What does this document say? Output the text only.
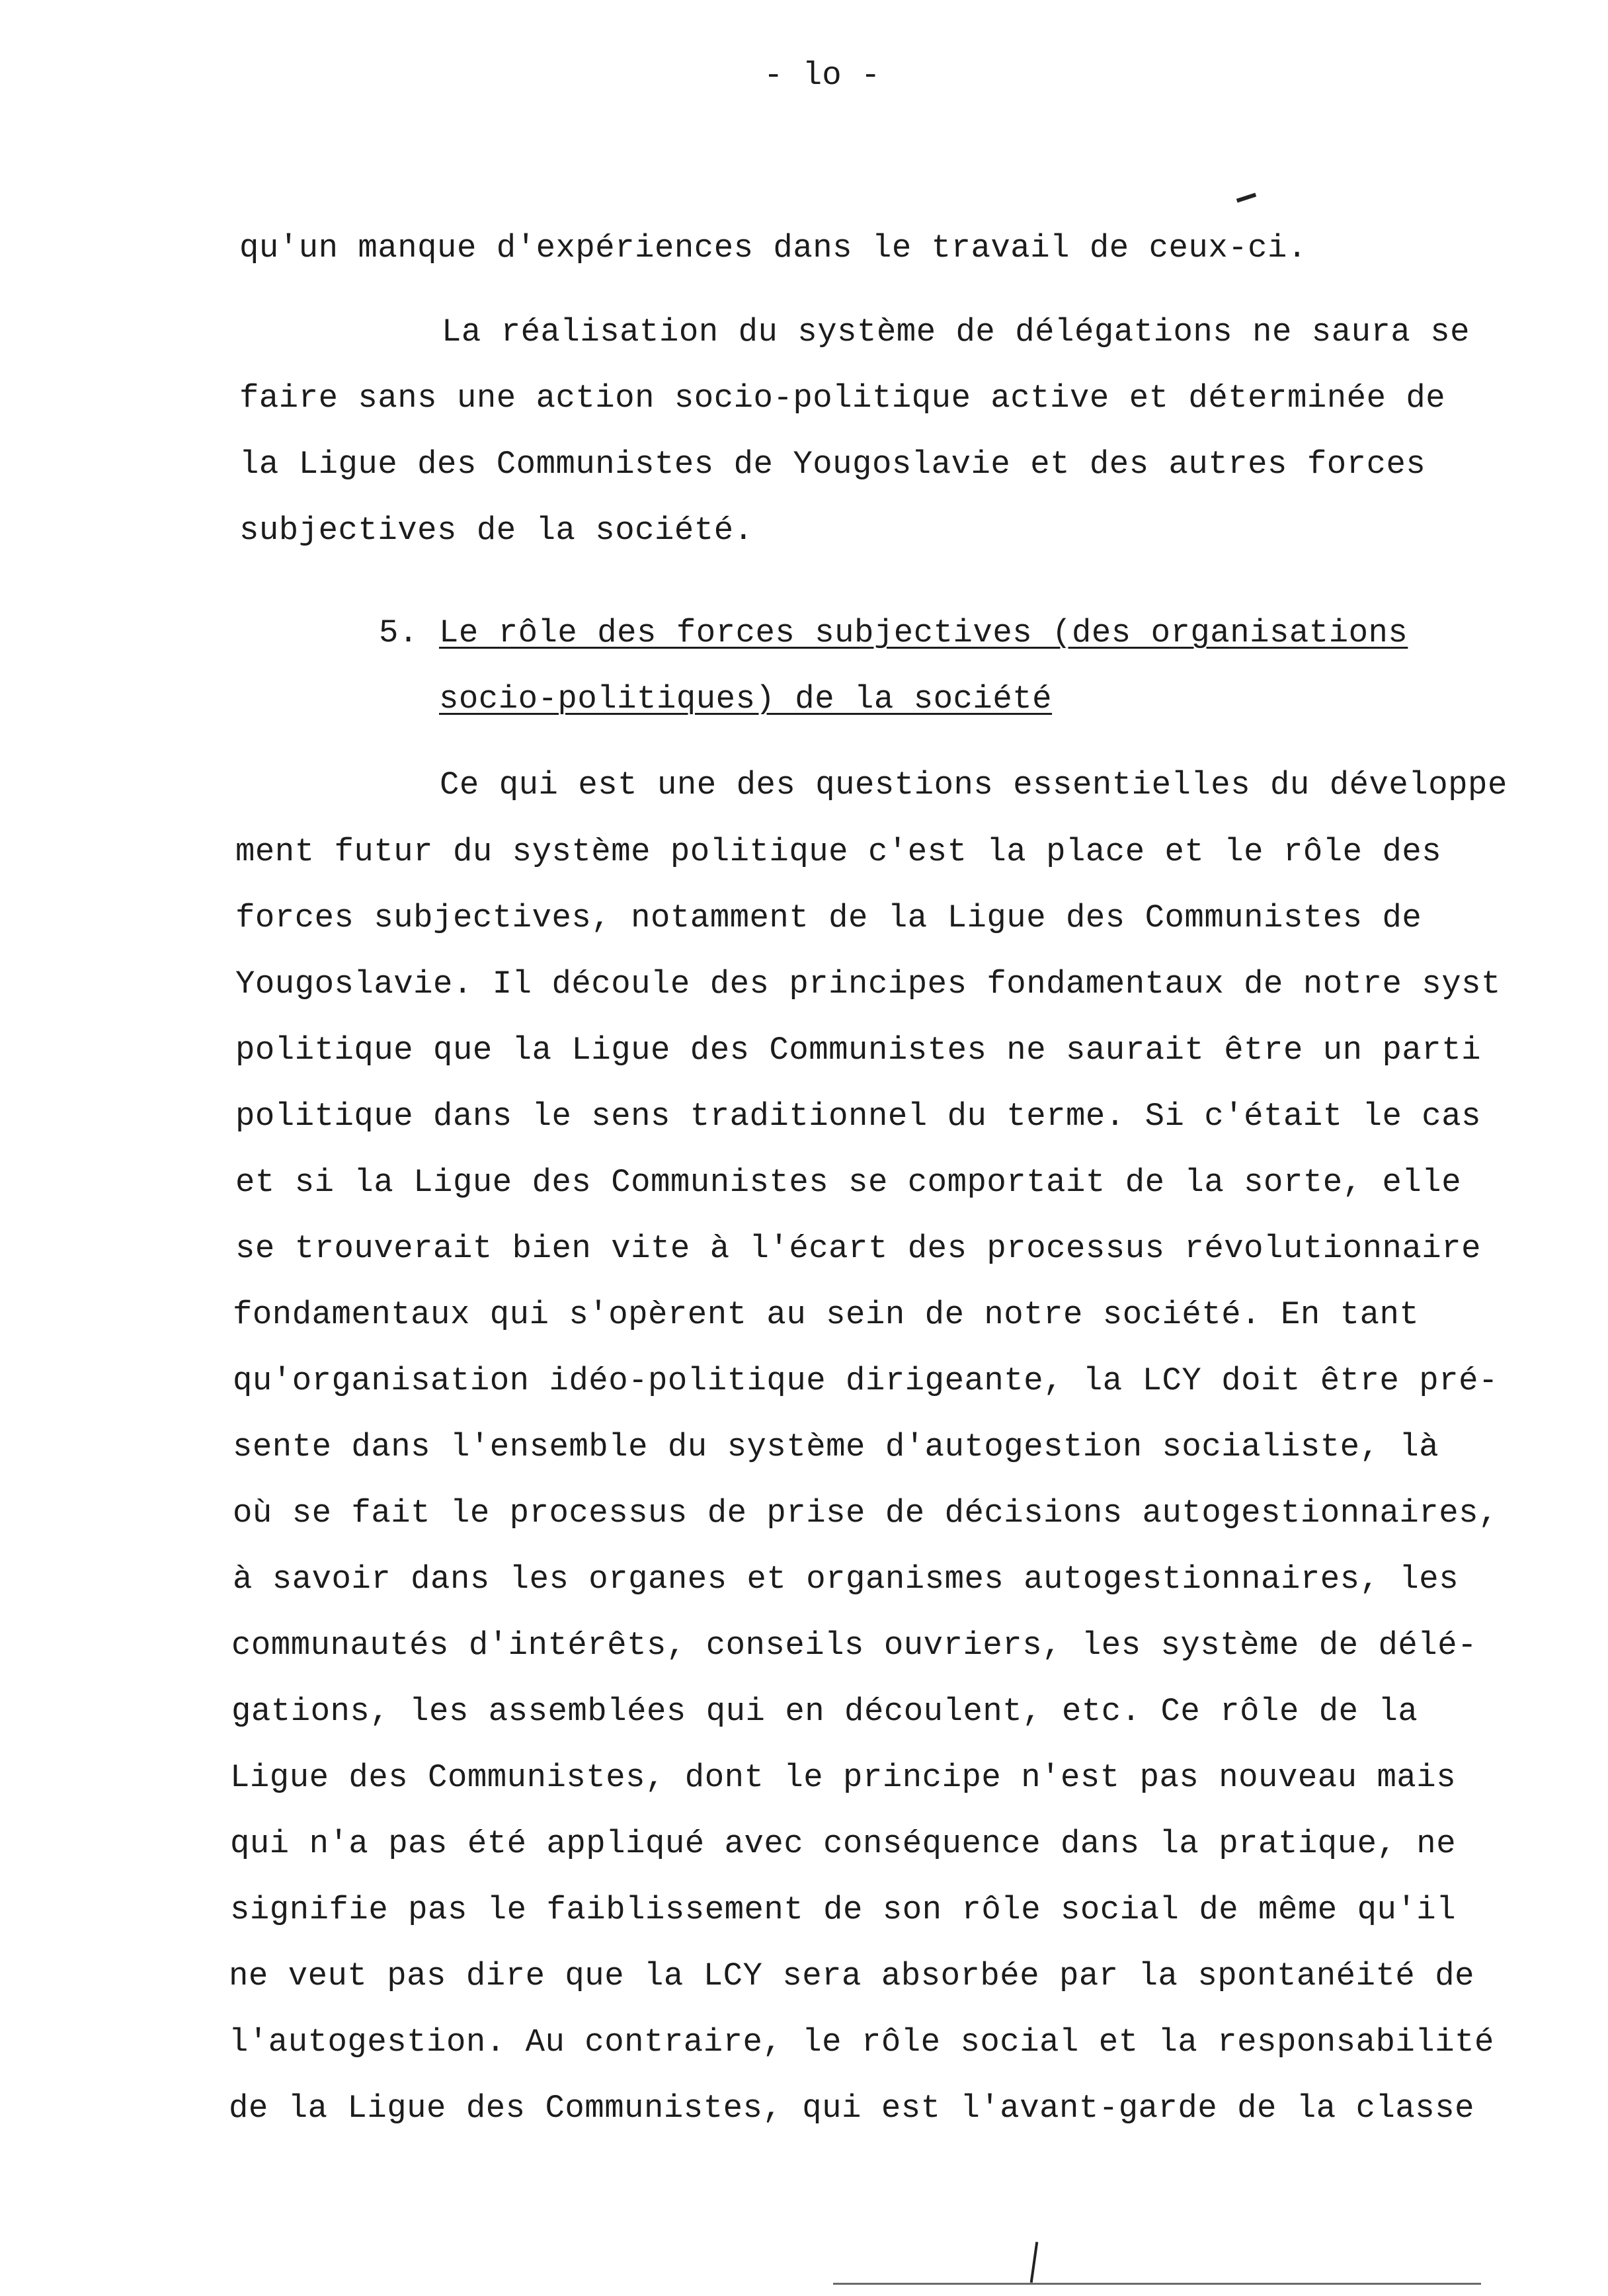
- lo -
qu'un manque d'expériences dans le travail de ceux-ci.
La réalisation du système de délégations ne saura se
faire sans une action socio-politique active et déterminée de
la Ligue des Communistes de Yougoslavie et des autres forces
subjectives de la société.
5. Le rôle des forces subjectives (des organisations
socio-politiques) de la société
Ce qui est une des questions essentielles du développe
ment futur du système politique c'est la place et le rôle des
forces subjectives, notamment de la Ligue des Communistes de
Yougoslavie. Il découle des principes fondamentaux de notre syst
politique que la Ligue des Communistes ne saurait être un parti
politique dans le sens traditionnel du terme. Si c'était le cas
et si la Ligue des Communistes se comportait de la sorte, elle
se trouverait bien vite à l'écart des processus révolutionnaire
fondamentaux qui s'opèrent au sein de notre société. En tant
qu'organisation idéo-politique dirigeante, la LCY doit être pré-
sente dans l'ensemble du système d'autogestion socialiste, là
où se fait le processus de prise de décisions autogestionnaires,
à savoir dans les organes et organismes autogestionnaires, les
communautés d'intérêts, conseils ouvriers, les système de délé-
gations, les assemblées qui en découlent, etc. Ce rôle de la
Ligue des Communistes, dont le principe n'est pas nouveau mais
qui n'a pas été appliqué avec conséquence dans la pratique, ne
signifie pas le faiblissement de son rôle social de même qu'il
ne veut pas dire que la LCY sera absorbée par la spontanéité de
l'autogestion. Au contraire, le rôle social et la responsabilité
de la Ligue des Communistes, qui est l'avant-garde de la classe
